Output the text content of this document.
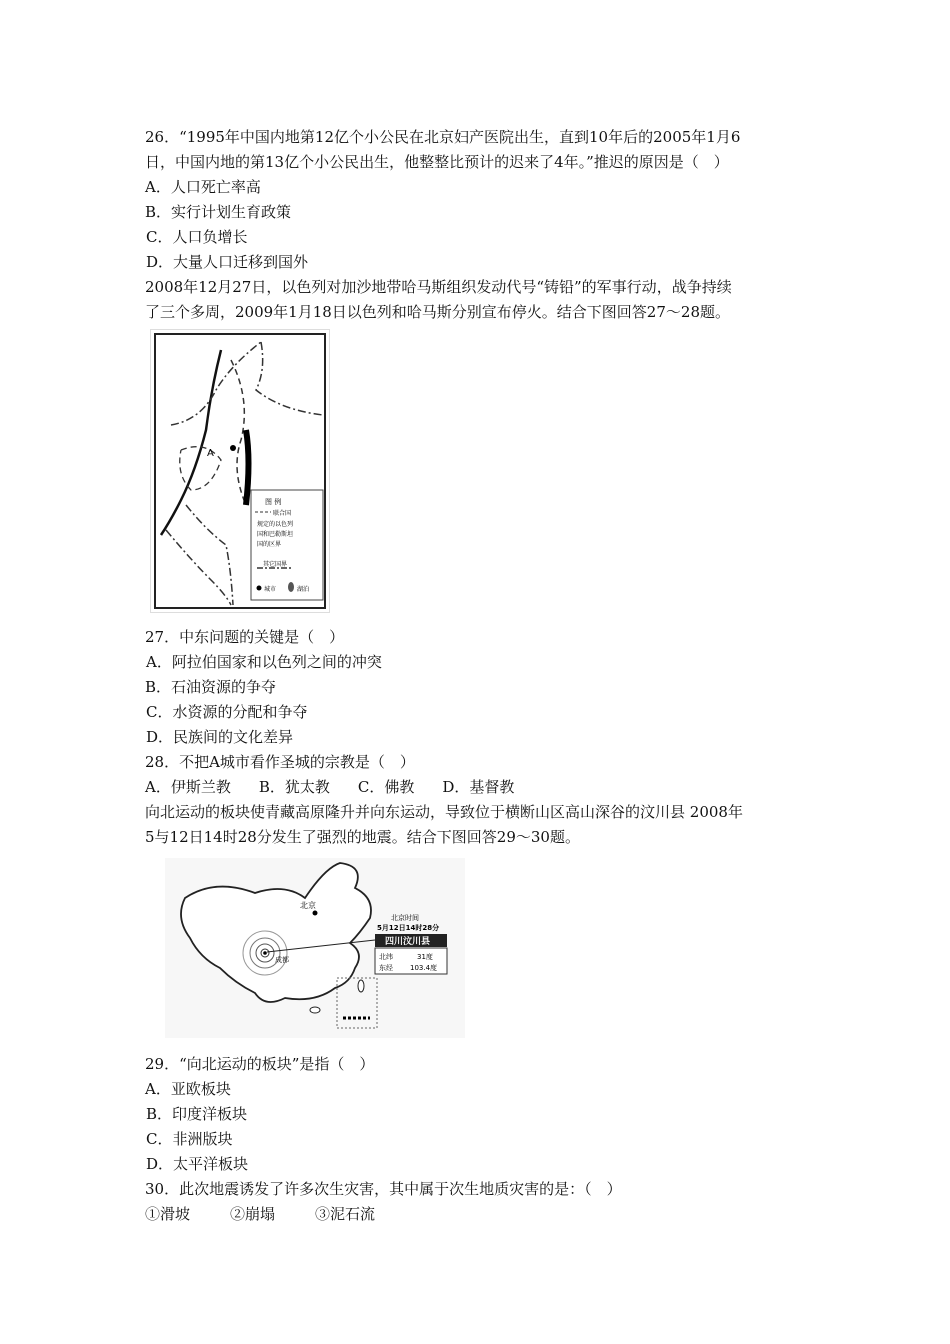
26．“1995年中国内地第12亿个小公民在北京妇产医院出生，直到10年后的2005年1月6
日，中国内地的第13亿个小公民出生，他整整比预计的迟来了4年。”推迟的原因是（　）
A．人口死亡率高
B．实行计划生育政策
C．人口负增长
D．大量人口迁移到国外
2008年12月27日，以色列对加沙地带哈马斯组织发动代号“铸铅”的军事行动，战争持续
了三个多周，2009年1月18日以色列和哈马斯分别宣布停火。结合下图回答27～28题。
A
图 例
联合国
规定的以色列
国和巴勒斯坦
国的区界
其它国界
城市	湖泊
27．中东问题的关键是（　）
A．阿拉伯国家和以色列之间的冲突
B．石油资源的争夺
C．水资源的分配和争夺
D．民族间的文化差异
28．不把A城市看作圣城的宗教是（　）
A．伊斯兰教 B．犹太教 C．佛教 D．基督教
向北运动的板块使青藏高原隆升并向东运动，导致位于横断山区高山深谷的汶川县 2008年
5与12日14时28分发生了强烈的地震。结合下图回答29～30题。
北京
成都
北京时间
5月12日14时28分
四川汶川县
北纬	31度
东经 103.4度
29．“向北运动的板块”是指（　）
A．亚欧板块
B．印度洋板块
C．非洲版块
D．太平洋板块
30．此次地震诱发了许多次生灾害，其中属于次生地质灾害的是：（　）
①滑坡	②崩塌	③泥石流
